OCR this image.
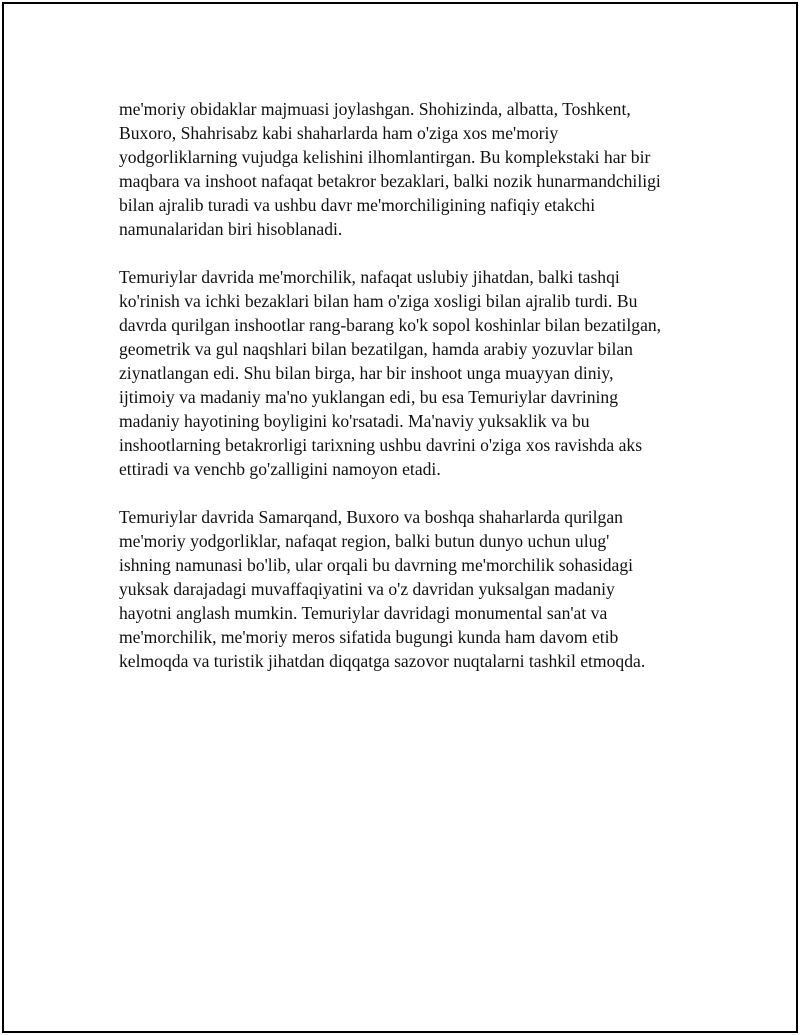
me'moriy obidaklar majmuasi joylashgan. Shohizinda, albatta, Toshkent,
Buxoro, Shahrisabz kabi shaharlarda ham o'ziga xos me'moriy
yodgorliklarning vujudga kelishini ilhomlantirgan. Bu komplekstaki har bir
maqbara va inshoot nafaqat betakror bezaklari, balki nozik hunarmandchiligi
bilan ajralib turadi va ushbu davr me'morchiligining nafiqiy etakchi
namunalaridan biri hisoblanadi.

Temuriylar davrida me'morchilik, nafaqat uslubiy jihatdan, balki tashqi
ko'rinish va ichki bezaklari bilan ham o'ziga xosligi bilan ajralib turdi. Bu
davrda qurilgan inshootlar rang-barang ko'k sopol koshinlar bilan bezatilgan,
geometrik va gul naqshlari bilan bezatilgan, hamda arabiy yozuvlar bilan
ziynatlangan edi. Shu bilan birga, har bir inshoot unga muayyan diniy,
ijtimoiy va madaniy ma'no yuklangan edi, bu esa Temuriylar davrining
madaniy hayotining boyligini ko'rsatadi. Ma'naviy yuksaklik va bu
inshootlarning betakrorligi tarixning ushbu davrini o'ziga xos ravishda aks
ettiradi va venchb go'zalligini namoyon etadi.

Temuriylar davrida Samarqand, Buxoro va boshqa shaharlarda qurilgan
me'moriy yodgorliklar, nafaqat region, balki butun dunyo uchun ulug'
ishning namunasi bo'lib, ular orqali bu davrning me'morchilik sohasidagi
yuksak darajadagi muvaffaqiyatini va o'z davridan yuksalgan madaniy
hayotni anglash mumkin. Temuriylar davridagi monumental san'at va
me'morchilik, me'moriy meros sifatida bugungi kunda ham davom etib
kelmoqda va turistik jihatdan diqqatga sazovor nuqtalarni tashkil etmoqda.
